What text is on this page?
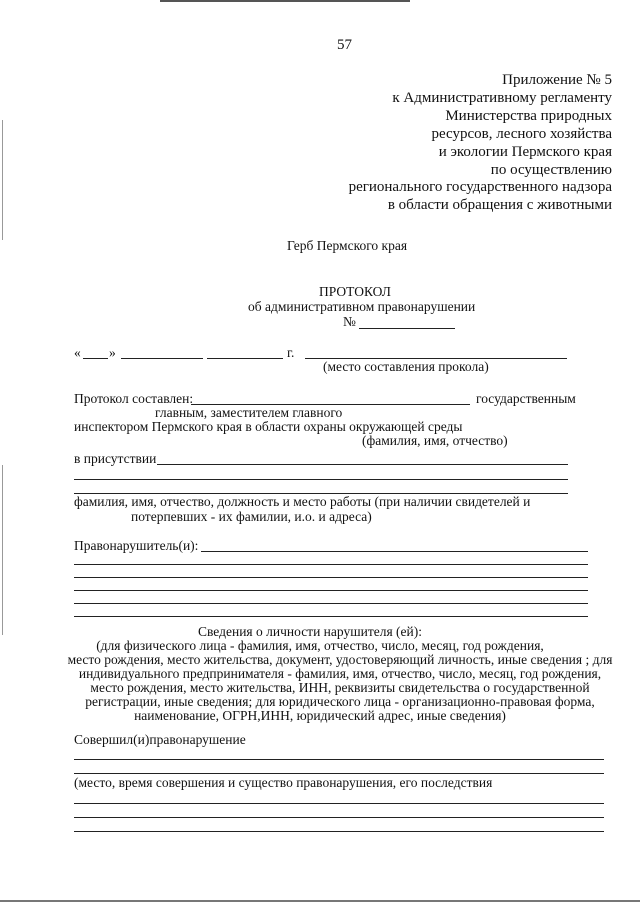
57
Приложение № 5
к Административному регламенту
Министерства природных
ресурсов, лесного хозяйства
и экологии Пермского края
по осуществлению
регионального государственного надзора
в области обращения с животными
Герб Пермского края
ПРОТОКОЛ
об административном правонарушении
№
« »	г.
(место составления прокола)
Протокол составлен:	государственным
главным, заместителем главного
инспектором Пермского края в области охраны окружающей среды
(фамилия, имя, отчество)
в присутствии
фамилия, имя, отчество, должность и место работы (при наличии свидетелей и
потерпевших - их фамилии, и.о. и адреса)
Правонарушитель(и):
Сведения о личности нарушителя (ей):
(для физического лица - фамилия, имя, отчество, число, месяц, год рождения,
место рождения, место жительства, документ, удостоверяющий личность, иные сведения ; для
индивидуального предпринимателя - фамилия, имя, отчество, число, месяц, год рождения,
место рождения, место жительства, ИНН, реквизиты свидетельства о государственной
регистрации, иные сведения; для юридического лица - организационно-правовая форма,
наименование, ОГРН,ИНН, юридический адрес, иные сведения)
Совершил(и)правонарушение
(место, время совершения и существо правонарушения, его последствия
